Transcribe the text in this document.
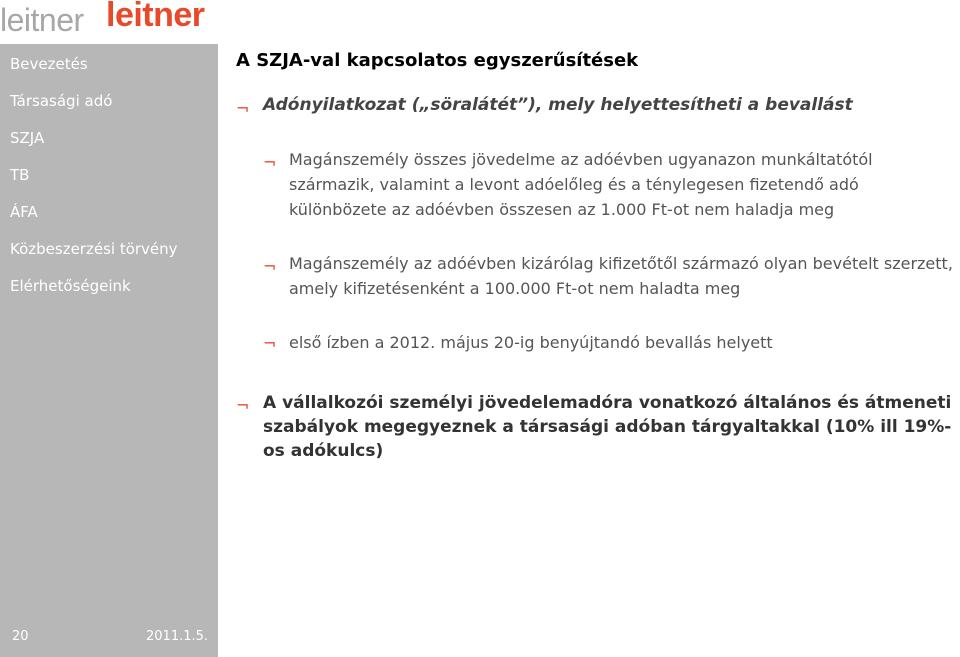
leitner leitner
Bevezetés
Társasági adó
SZJA
TB
ÁFA
Közbeszerzési törvény
Elérhetőségeink
20	2011.1.5.
A SZJA-val kapcsolatos egyszerűsítések
¬ Adónyilatkozat („söralátét”), mely helyettesítheti a bevallást
¬ Magánszemély összes jövedelme az adóévben ugyanazon munkáltatótól származik, valamint a levont adóelőleg és a ténylegesen fizetendő adó különbözete az adóévben összesen az 1.000 Ft-ot nem haladja meg
¬ Magánszemély az adóévben kizárólag kifizetőtől származó olyan bevételt szerzett, amely kifizetésenként a 100.000 Ft-ot nem haladta meg
¬ első ízben a 2012. május 20-ig benyújtandó bevallás helyett
¬ A vállalkozói személyi jövedelemadóra vonatkozó általános és átmeneti szabályok megegyeznek a társasági adóban tárgyaltakkal (10% ill 19%-os adókulcs)
